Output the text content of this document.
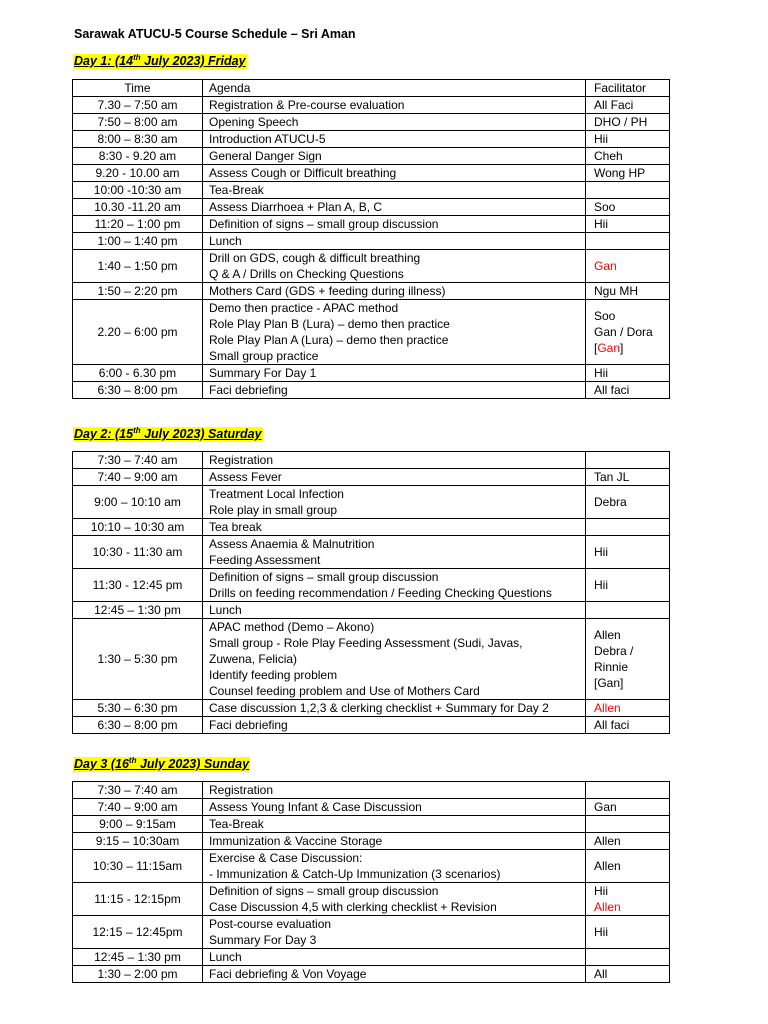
Sarawak ATUCU-5 Course Schedule – Sri Aman
Day 1: (14th July 2023) Friday
Time	Agenda	Facilitator
7.30 – 7:50 am	Registration & Pre-course evaluation	All Faci

7:50 – 8:00 am	Opening Speech	DHO / PH

8:00 – 8:30 am	Introduction ATUCU-5	Hii

8:30 - 9.20 am	General Danger Sign	Cheh

9.20 - 10.00 am	Assess Cough or Difficult breathing	Wong HP

10:00 -10:30 am	Tea-Break	

10.30 -11.20 am	Assess Diarrhoea + Plan A, B, C	Soo

11:20 – 1:00 pm	Definition of signs – small group discussion	Hii

1:00 – 1:40 pm	Lunch	

1:40 – 1:50 pm	Drill on GDS, cough & difficult breathing
Q & A / Drills on Checking Questions	Gan

1:50 – 2:20 pm	Mothers Card (GDS + feeding during illness)	Ngu MH

2.20 – 6:00 pm	Demo then practice - APAC method
Role Play Plan B (Lura) – demo then practice
Role Play Plan A (Lura) – demo then practice
Small group practice	Soo
Gan / Dora
[Gan]

6:00 - 6.30 pm	Summary For Day 1	Hii

6:30 – 8:00 pm	Faci debriefing	All faci
Day 2: (15th July 2023) Saturday
7:30 – 7:40 am	Registration	

7:40 – 9:00 am	Assess Fever	Tan JL

9:00 – 10:10 am	Treatment Local Infection
Role play in small group	Debra

10:10 – 10:30 am	Tea break	

10:30 - 11:30 am	Assess Anaemia & Malnutrition
Feeding Assessment	Hii

11:30 - 12:45 pm	Definition of signs – small group discussion
Drills on feeding recommendation / Feeding Checking Questions	Hii

12:45 – 1:30 pm	Lunch	

1:30 – 5:30 pm	APAC method (Demo – Akono)
Small group - Role Play Feeding Assessment (Sudi, Javas,
Zuwena, Felicia)
Identify feeding problem
Counsel feeding problem and Use of Mothers Card	Allen
Debra /
Rinnie
[Gan]

5:30 – 6:30 pm	Case discussion 1,2,3 & clerking checklist + Summary for Day 2	Allen

6:30 – 8:00 pm	Faci debriefing	All faci
Day 3 (16th July 2023) Sunday
7:30 – 7:40 am	Registration	

7:40 – 9:00 am	Assess Young Infant & Case Discussion	Gan

9:00 – 9:15am	Tea-Break	

9:15 – 10:30am	Immunization & Vaccine Storage	Allen

10:30 – 11:15am	Exercise & Case Discussion:
- Immunization & Catch-Up Immunization (3 scenarios)	Allen

11:15 - 12:15pm	Definition of signs – small group discussion
Case Discussion 4,5 with clerking checklist + Revision	Hii
Allen

12:15 – 12:45pm	Post-course evaluation
Summary For Day 3	Hii

12:45 – 1:30 pm	Lunch	

1:30 – 2:00 pm	Faci debriefing & Von Voyage	All
